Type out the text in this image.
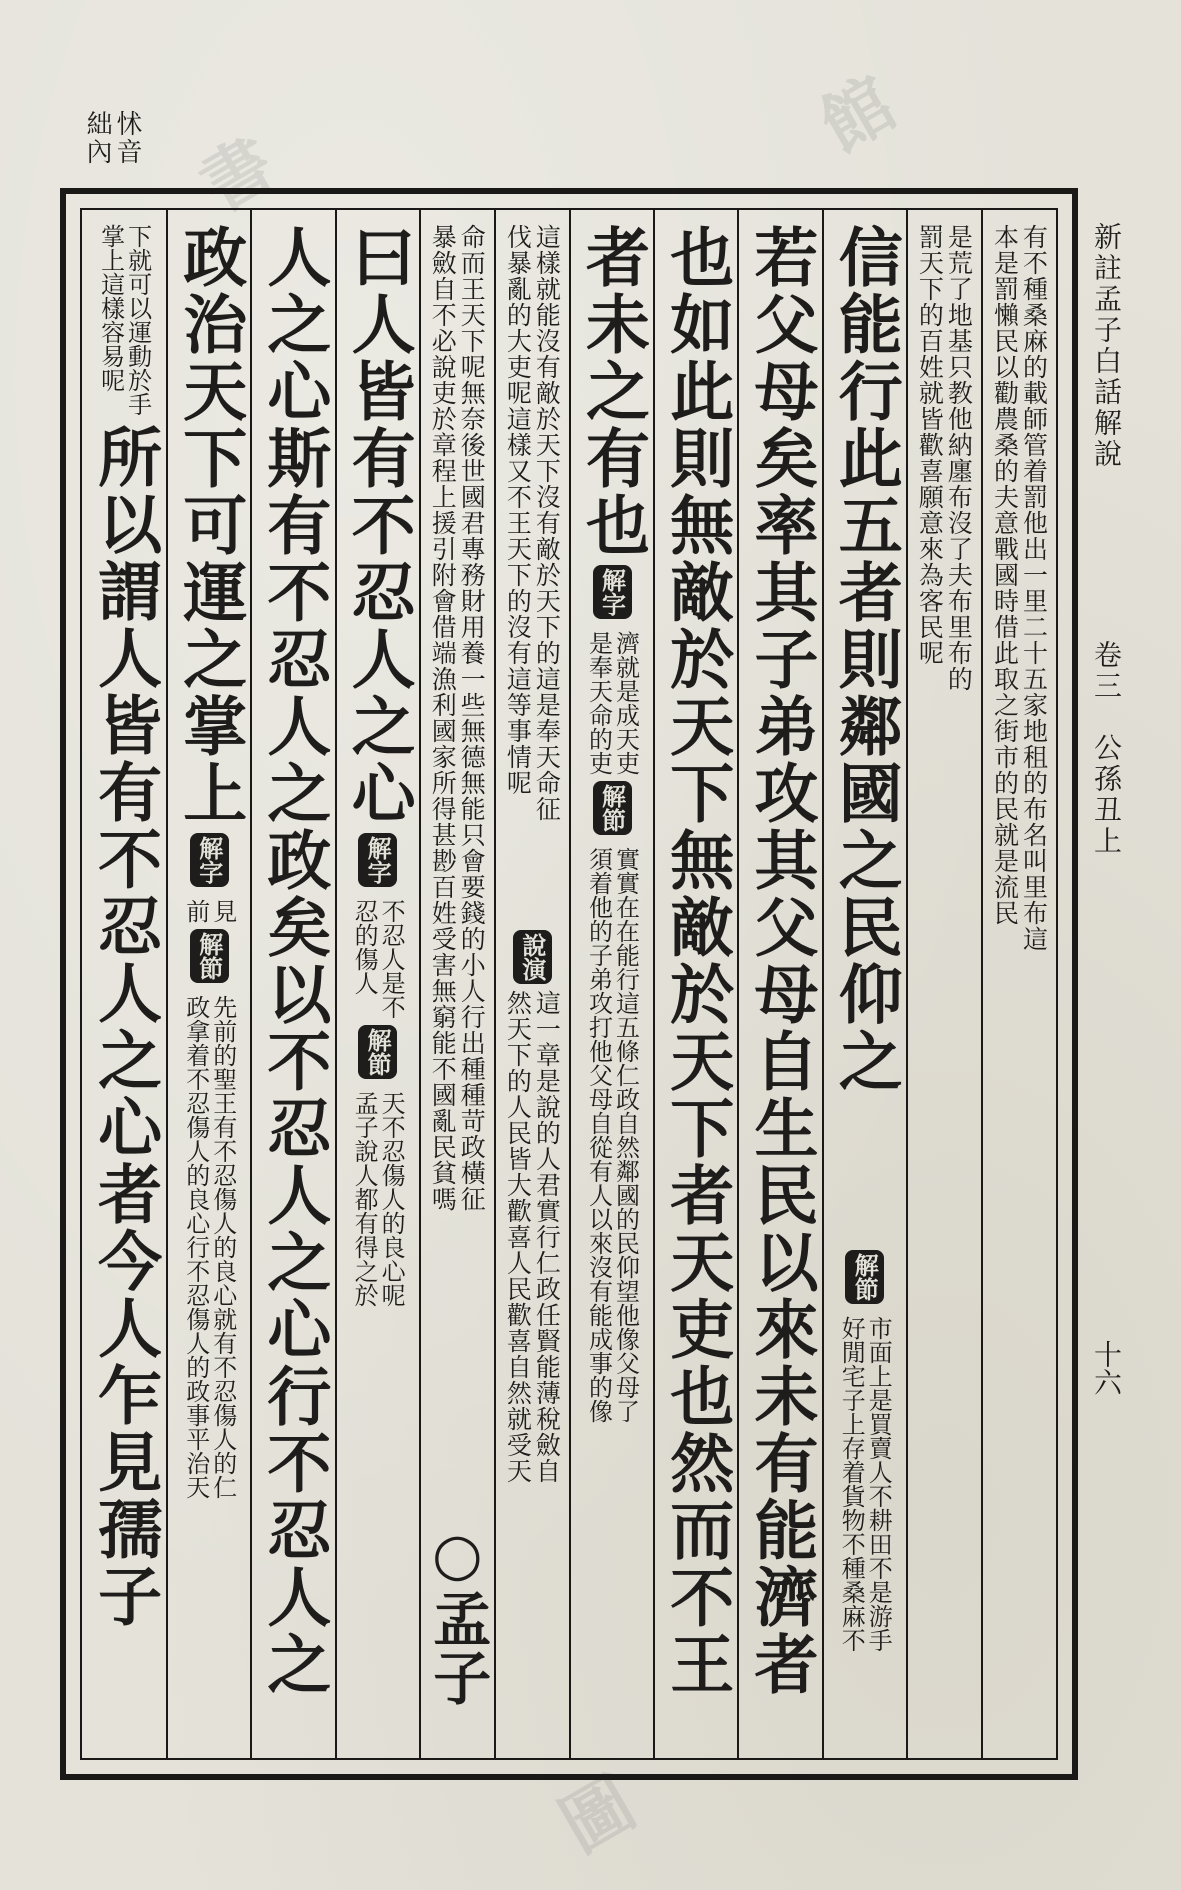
書
館
圖
怵音
絀內
新註孟子白話解說
卷三　公孫丑上
十六
有不種桑麻的載師管着罰他出一里二十五家地租的布名叫里布這
本是罰懶民以勸農桑的夫意戰國時借此取之街市的民就是流民
是荒了地基只教他納廛布沒了夫布里布的
罰天下的百姓就皆歡喜願意來為客民呢
信能行此五者則鄰國之民仰之
解節
市面上是買賣人不耕田不是游手
好閒宅子上存着貨物不種桑麻不
若父母矣率其子弟攻其父母自生民以來未有能濟者
也如此則無敵於天下無敵於天下者天吏也然而不王
者未之有也
解字
濟就是成天吏
是奉天命的吏
解節
實實在在能行這五條仁政自然鄰國的民仰望他像父母了
須着他的子弟攻打他父母自從有人以來沒有能成事的像
這樣就能沒有敵於天下沒有敵於天下的這是奉天命征
伐暴亂的大吏呢這樣又不王天下的沒有這等事情呢
說演
這一章是說的人君實行仁政任賢能薄稅斂自
然天下的人民皆大歡喜人民歡喜自然就受天
命而王天下呢無奈後世國君專務財用養一些無德無能只會要錢的小人行出種種苛政橫征
暴斂自不必說吏於章程上援引附會借端漁利國家所得甚尠百姓受害無窮能不國亂民貧嗎
○孟子
曰人皆有不忍人之心
解字
不忍人是不
忍的傷人
解節
天不忍傷人的良心呢
孟子說人都有得之於
人之心斯有不忍人之政矣以不忍人之心行不忍人之
政治天下可運之掌上
解字
見
前
解節
先前的聖王有不忍傷人的良心就有不忍傷人的仁
政拿着不忍傷人的良心行不忍傷人的政事平治天
下就可以運動於手
掌上這樣容易呢
所以謂人皆有不忍人之心者今人乍見孺子
